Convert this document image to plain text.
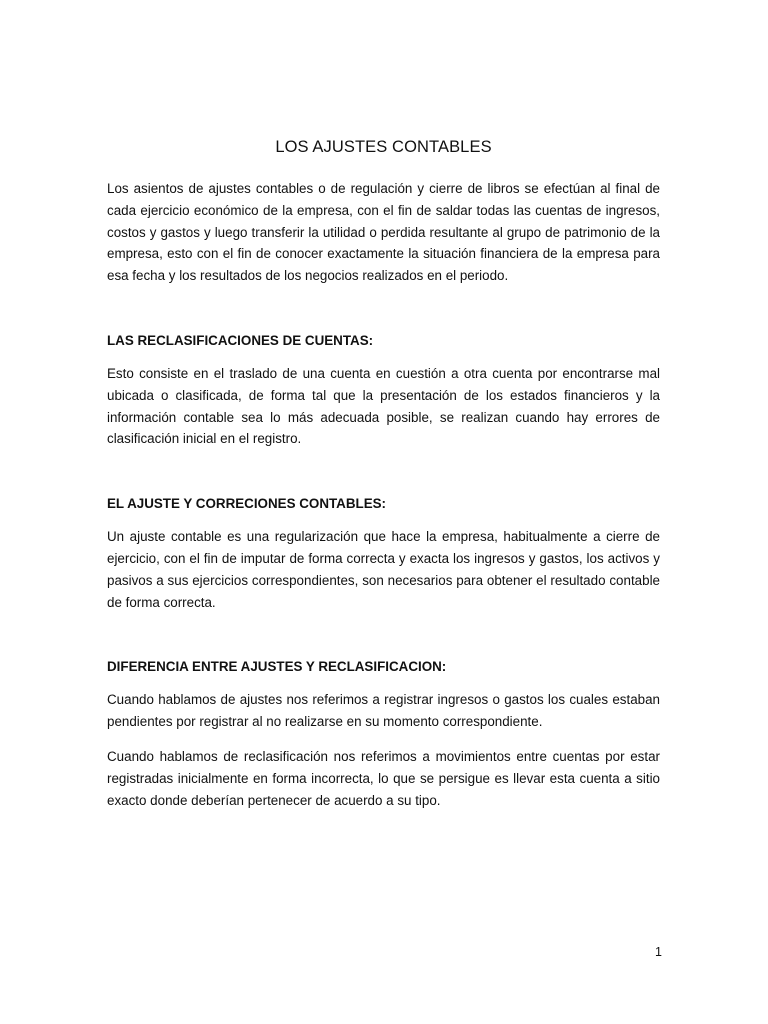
LOS AJUSTES CONTABLES

Los asientos de ajustes contables o de regulación y cierre de libros se efectúan al final de cada ejercicio económico de la empresa, con el fin de saldar todas las cuentas de ingresos, costos y gastos y luego transferir la utilidad o perdida resultante al grupo de patrimonio de la empresa, esto con el fin de conocer exactamente la situación financiera de la empresa para esa fecha y los resultados de los negocios realizados en el periodo.

LAS RECLASIFICACIONES DE CUENTAS:

Esto consiste en el traslado de una cuenta en cuestión a otra cuenta por encontrarse mal ubicada o clasificada, de forma tal que la presentación de los estados financieros y la información contable sea lo más adecuada posible, se realizan cuando hay errores de clasificación inicial en el registro.

EL AJUSTE Y CORRECIONES CONTABLES:

Un ajuste contable es una regularización que hace la empresa, habitualmente a cierre de ejercicio, con el fin de imputar de forma correcta y exacta los ingresos y gastos, los activos y pasivos a sus ejercicios correspondientes, son necesarios para obtener el resultado contable de forma correcta.

DIFERENCIA ENTRE AJUSTES Y RECLASIFICACION:

Cuando hablamos de ajustes nos referimos a registrar ingresos o gastos los cuales estaban pendientes por registrar al no realizarse en su momento correspondiente.

Cuando hablamos de reclasificación nos referimos a movimientos entre cuentas por estar registradas inicialmente en forma incorrecta, lo que se persigue es llevar esta cuenta a sitio exacto donde deberían pertenecer de acuerdo a su tipo.

1
